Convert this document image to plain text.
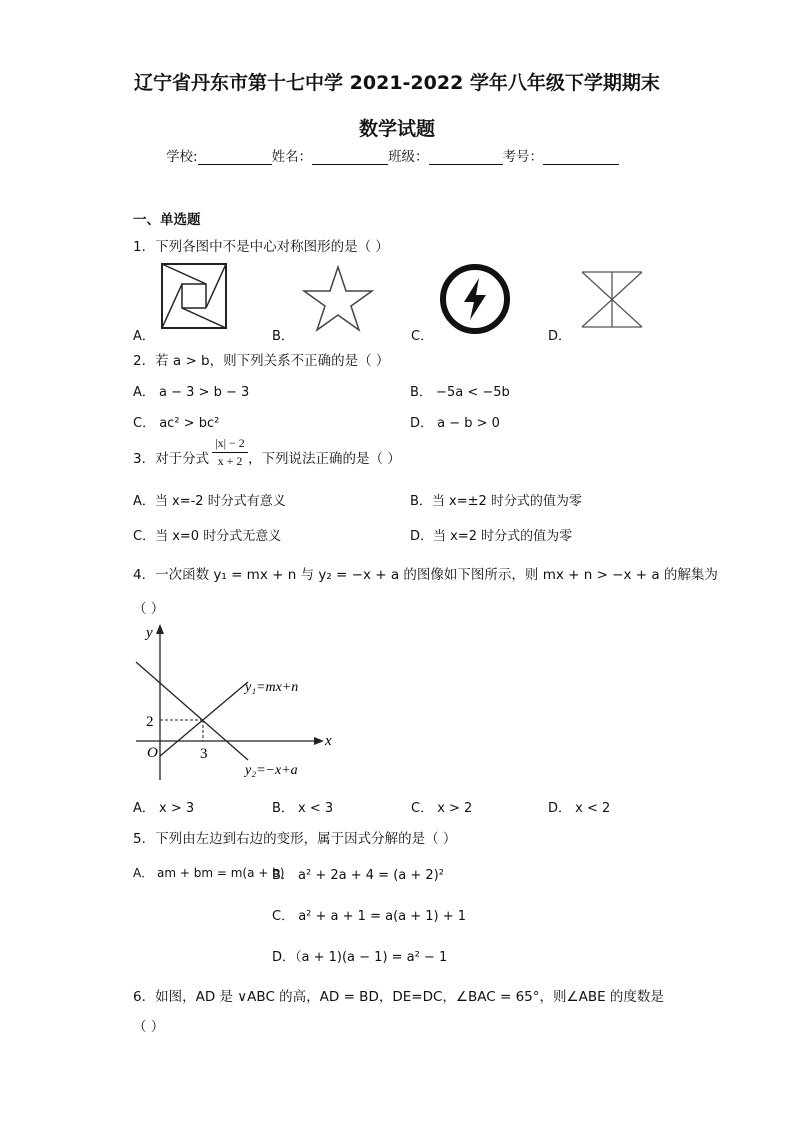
辽宁省丹东市第十七中学 2021-2022 学年八年级下学期期末
数学试题
学校:	姓名：	班级：	考号：
一、单选题
1．下列各图中不是中心对称图形的是（ ）
A．	B．	C．	D．
2．若 a > b，则下列关系不正确的是（ ）
A． a − 3 > b − 3	B． −5a < −5b
C． ac² > bc²	D． a − b > 0
3．对于分式 $\frac{|x| - 2}{x + 2}$ ，下列说法正确的是（ ）
A．当 x=-2 时分式有意义	B．当 x=±2 时分式的值为零
C．当 x=0 时分式无意义	D．当 x=2 时分式的值为零
4．一次函数 y₁ = mx + n 与 y₂ = −x + a 的图像如下图所示，则 mx + n > −x + a 的解集为
（ ）
y
x
O
2
3
y₁=mx+n
y₂=−x+a
A． x > 3	B． x < 3	C． x > 2	D． x < 2
5．下列由左边到右边的变形，属于因式分解的是（ ）
A． am + bm = m(a + b)
B． a² + 2a + 4 = (a + 2)²
C． a² + a + 1 = a(a + 1) + 1
D．（a + 1)(a − 1) = a² − 1
6．如图，AD 是 ∨ABC 的高，AD = BD，DE=DC，∠BAC = 65°，则∠ABE 的度数是
（ ）
